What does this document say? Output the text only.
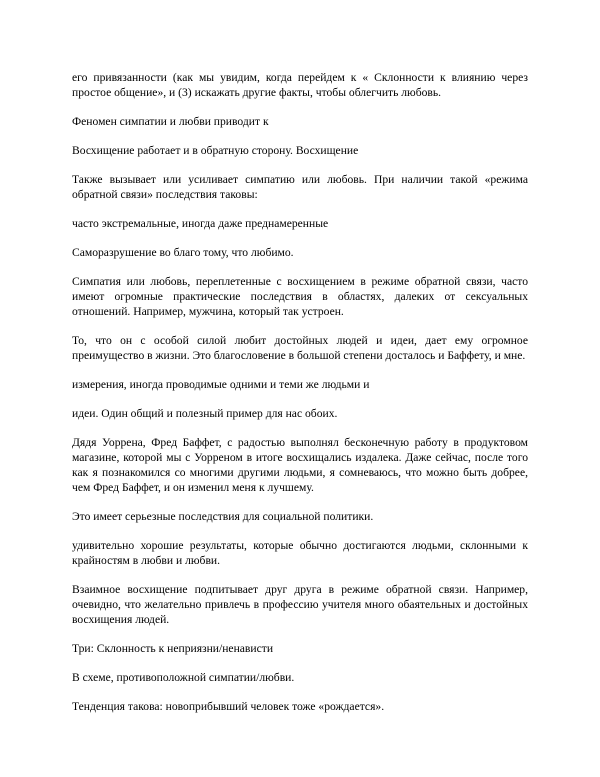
его привязанности (как мы увидим, когда перейдем к « Склонности к влиянию через простое общение», и (3) искажать другие факты, чтобы облегчить любовь.

Феномен симпатии и любви приводит к

Восхищение работает и в обратную сторону. Восхищение

Также вызывает или усиливает симпатию или любовь. При наличии такой «режима обратной связи» последствия таковы:

часто экстремальные, иногда даже преднамеренные

Саморазрушение во благо тому, что любимо.

Симпатия или любовь, переплетенные с восхищением в режиме обратной связи, часто имеют огромные практические последствия в областях, далеких от сексуальных отношений. Например, мужчина, который так устроен.

То, что он с особой силой любит достойных людей и идеи, дает ему огромное преимущество в жизни. Это благословение в большой степени досталось и Баффету, и мне.

измерения, иногда проводимые одними и теми же людьми и

идеи. Один общий и полезный пример для нас обоих.

Дядя Уоррена, Фред Баффет, с радостью выполнял бесконечную работу в продуктовом магазине, которой мы с Уорреном в итоге восхищались издалека. Даже сейчас, после того как я познакомился со многими другими людьми, я сомневаюсь, что можно быть добрее, чем Фред Баффет, и он изменил меня к лучшему.

Это имеет серьезные последствия для социальной политики.

удивительно хорошие результаты, которые обычно достигаются людьми, склонными к крайностям в любви и любви.

Взаимное восхищение подпитывает друг друга в режиме обратной связи. Например, очевидно, что желательно привлечь в профессию учителя много обаятельных и достойных восхищения людей.

Три: Склонность к неприязни/ненависти

В схеме, противоположной симпатии/любви.

Тенденция такова: новоприбывший человек тоже «рождается».
